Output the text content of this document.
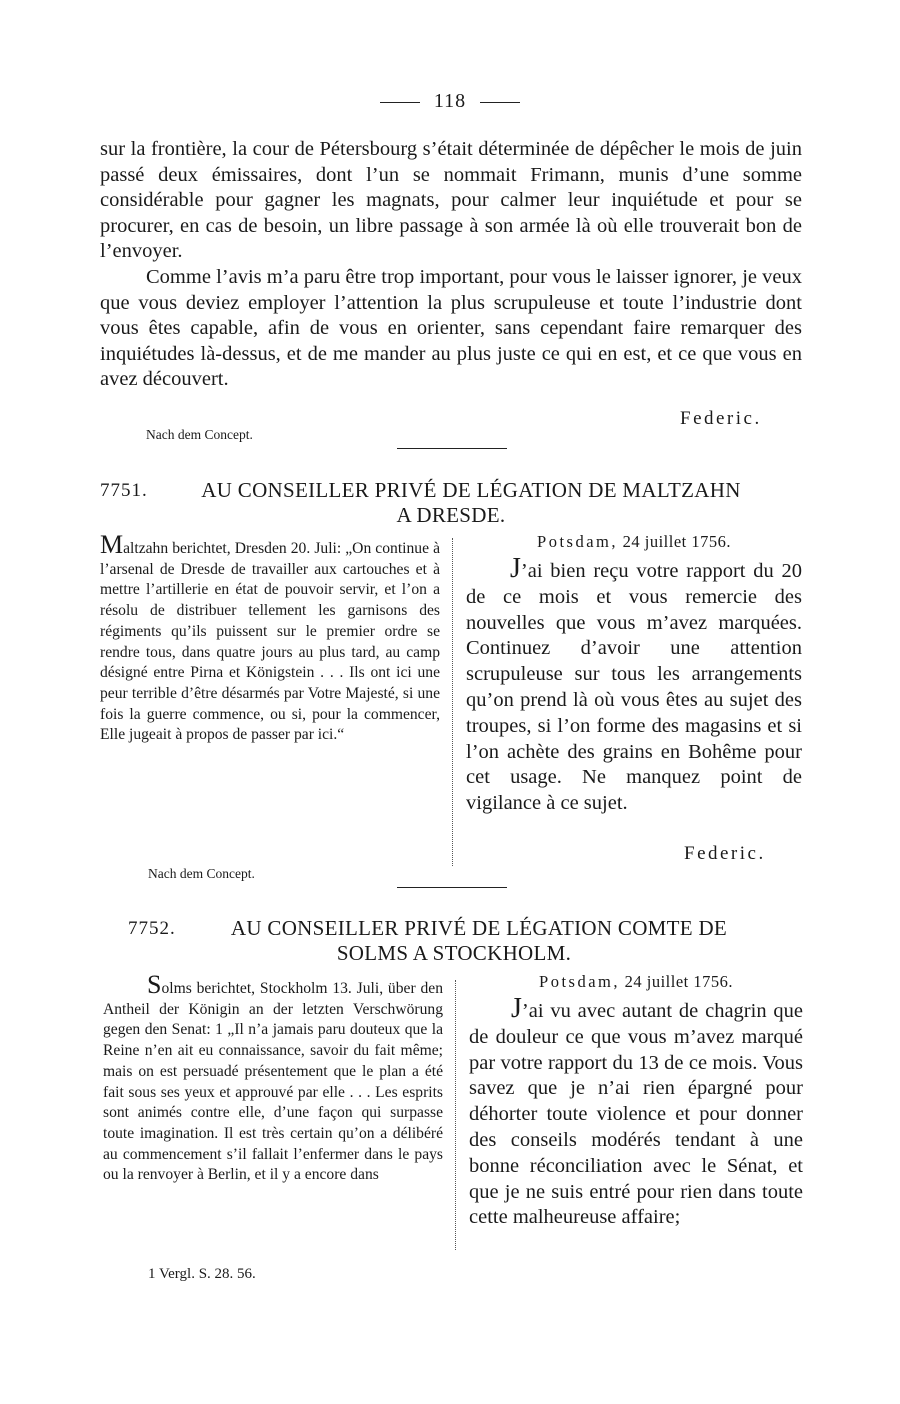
118

sur la frontière, la cour de Pétersbourg s’était déterminée de dépêcher le mois de juin passé deux émissaires, dont l’un se nommait Frimann, munis d’une somme considérable pour gagner les magnats, pour calmer leur inquiétude et pour se procurer, en cas de besoin, un libre passage à son armée là où elle trouverait bon de l’envoyer.

Comme l’avis m’a paru être trop important, pour vous le laisser ignorer, je veux que vous deviez employer l’attention la plus scrupuleuse et toute l’industrie dont vous êtes capable, afin de vous en orienter, sans cependant faire remarquer des inquiétudes là-dessus, et de me mander au plus juste ce qui en est, et ce que vous en avez découvert.

Federic.
Nach dem Concept.
7751.	AU CONSEILLER PRIVÉ DE LÉGATION DE MALTZAHN
A DRESDE.
Maltzahn berichtet, Dresden 20. Juli: „On continue à l’arsenal de Dresde de travailler aux cartouches et à mettre l’artillerie en état de pouvoir servir, et l’on a résolu de distribuer tellement les garnisons des régiments qu’ils puissent sur le premier ordre se rendre tous, dans quatre jours au plus tard, au camp désigné entre Pirna et Königstein . . . Ils ont ici une peur terrible d’être désarmés par Votre Majesté, si une fois la guerre commence, ou si, pour la commencer, Elle jugeait à propos de passer par ici.“
Potsdam, 24 juillet 1756.
J’ai bien reçu votre rapport du 20 de ce mois et vous remercie des nouvelles que vous m’avez marquées. Continuez d’avoir une attention scrupuleuse sur tous les arrangements qu’on prend là où vous êtes au sujet des troupes, si l’on forme des magasins et si l’on achète des grains en Bohême pour cet usage. Ne manquez point de vigilance à ce sujet.
Federic.
Nach dem Concept.
7752.	AU CONSEILLER PRIVÉ DE LÉGATION COMTE DE
SOLMS A STOCKHOLM.
Solms berichtet, Stockholm 13. Juli, über den Antheil der Königin an der letzten Verschwörung gegen den Senat: 1 „Il n’a jamais paru douteux que la Reine n’en ait eu connaissance, savoir du fait même; mais on est persuadé présentement que le plan a été fait sous ses yeux et approuvé par elle . . . Les esprits sont animés contre elle, d’une façon qui surpasse toute imagination. Il est très certain qu’on a délibéré au commencement s’il fallait l’enfermer dans le pays ou la renvoyer à Berlin, et il y a encore dans
Potsdam, 24 juillet 1756.
J’ai vu avec autant de chagrin que de douleur ce que vous m’avez marqué par votre rapport du 13 de ce mois. Vous savez que je n’ai rien épargné pour déhorter toute violence et pour donner des conseils modérés tendant à une bonne réconciliation avec le Sénat, et que je ne suis entré pour rien dans toute cette malheureuse affaire;
1 Vergl. S. 28. 56.
